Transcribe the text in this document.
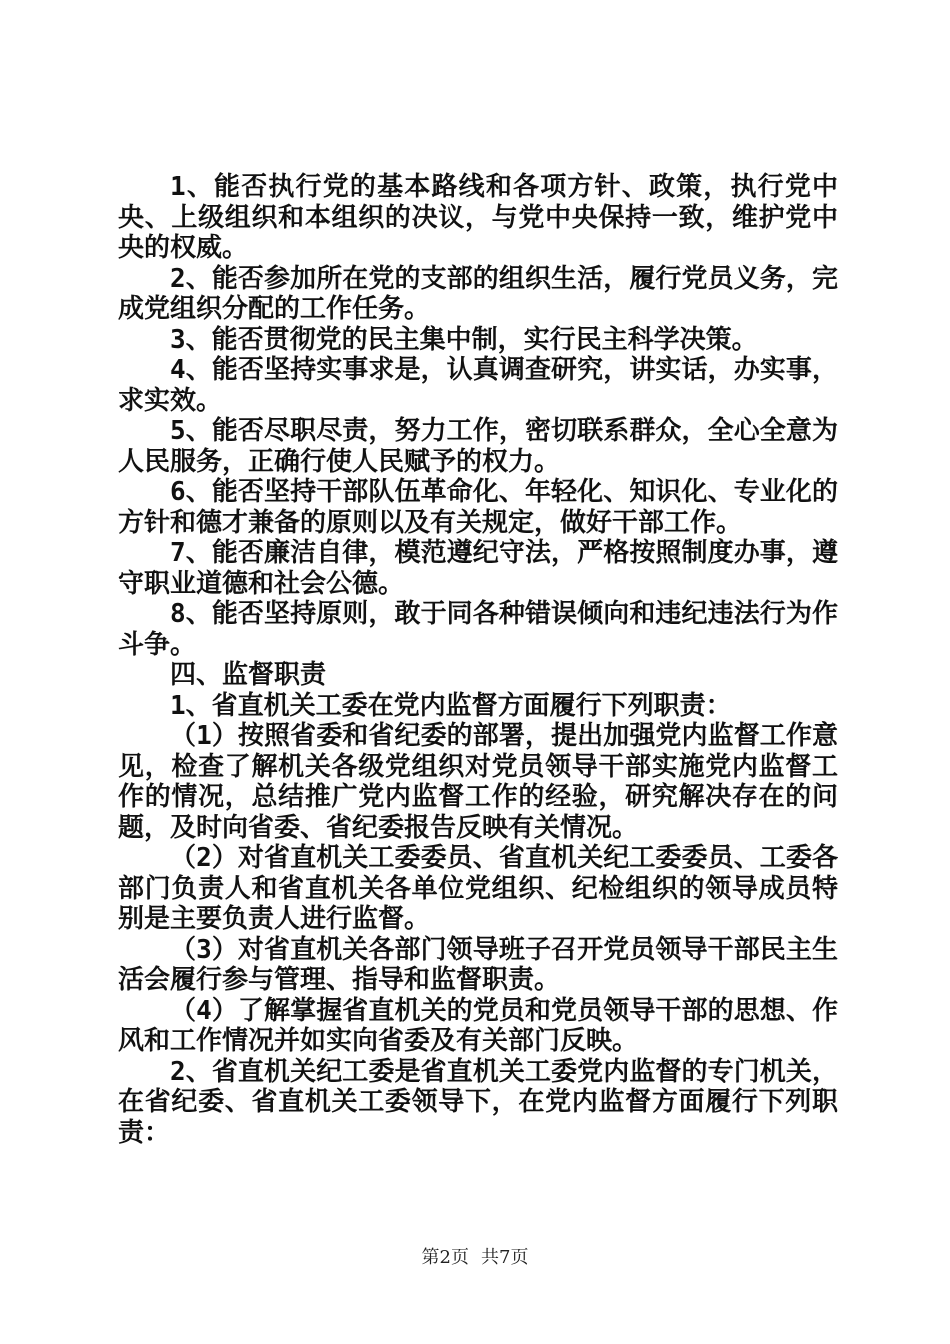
1、能否执行党的基本路线和各项方针、政策，执行党中央、上级组织和本组织的决议，与党中央保持一致，维护党中央的权威。

2、能否参加所在党的支部的组织生活，履行党员义务，完成党组织分配的工作任务。

3、能否贯彻党的民主集中制，实行民主科学决策。

4、能否坚持实事求是，认真调查研究，讲实话，办实事，求实效。

5、能否尽职尽责，努力工作，密切联系群众，全心全意为人民服务，正确行使人民赋予的权力。

6、能否坚持干部队伍革命化、年轻化、知识化、专业化的方针和德才兼备的原则以及有关规定，做好干部工作。

7、能否廉洁自律，模范遵纪守法，严格按照制度办事，遵守职业道德和社会公德。

8、能否坚持原则，敢于同各种错误倾向和违纪违法行为作斗争。

四、监督职责

1、省直机关工委在党内监督方面履行下列职责：

（1）按照省委和省纪委的部署，提出加强党内监督工作意见，检查了解机关各级党组织对党员领导干部实施党内监督工作的情况，总结推广党内监督工作的经验，研究解决存在的问题，及时向省委、省纪委报告反映有关情况。

（2）对省直机关工委委员、省直机关纪工委委员、工委各部门负责人和省直机关各单位党组织、纪检组织的领导成员特别是主要负责人进行监督。

（3）对省直机关各部门领导班子召开党员领导干部民主生活会履行参与管理、指导和监督职责。

（4）了解掌握省直机关的党员和党员领导干部的思想、作风和工作情况并如实向省委及有关部门反映。

2、省直机关纪工委是省直机关工委党内监督的专门机关，在省纪委、省直机关工委领导下，在党内监督方面履行下列职责：

第2页 共7页
